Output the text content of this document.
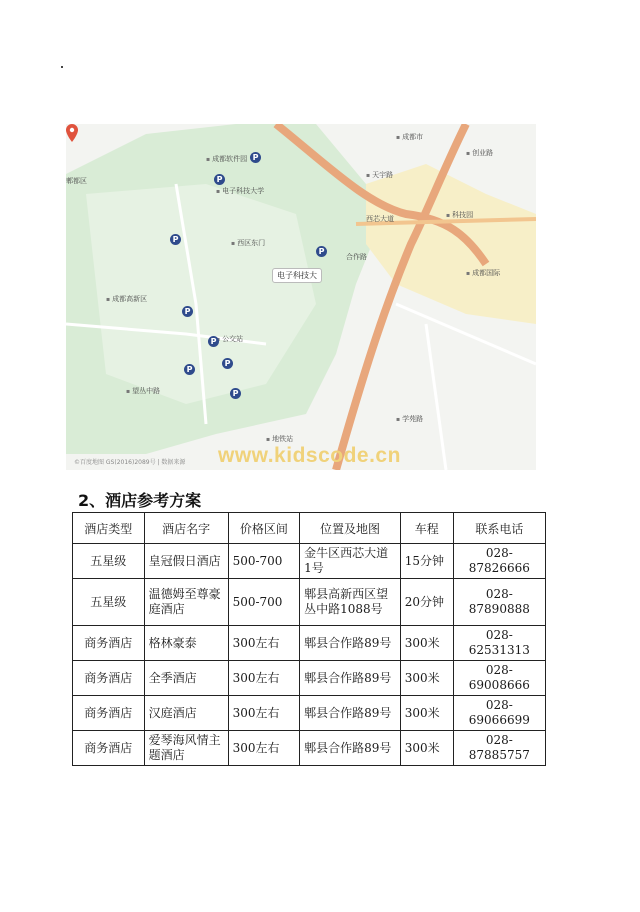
▪ 成都软件园
▪ 电子科技大学
▪ 西区东门
▪ 成都高新区
郫都区
▪ 成都市
西芯大道
合作路
▪ 科技园
▪ 创业路
▪ 成都国际
▪ 望丛中路
▪ 公交站
▪ 地铁站
▪ 学苑路
▪ 天宇路
P
P
P
P
P
P
P
P
P
电子科技大
©百度地图 GS(2016)2089号 | 数据来源 www.kidscode.cn
2、酒店参考方案
酒店类型	酒店名字	价格区间	位置及地图	车程	联系电话
五星级	皇冠假日酒店	500-700	金牛区西芯大道1号	15分钟	028-87826666
五星级	温德姆至尊豪庭酒店	500-700	郫县高新西区望丛中路1088号	20分钟	028-87890888
商务酒店	格林豪泰	300左右	郫县合作路89号	300米	028-62531313
商务酒店	全季酒店	300左右	郫县合作路89号	300米	028-69008666
商务酒店	汉庭酒店	300左右	郫县合作路89号	300米	028-69066699
商务酒店	爱琴海风情主题酒店	300左右	郫县合作路89号	300米	028-87885757
